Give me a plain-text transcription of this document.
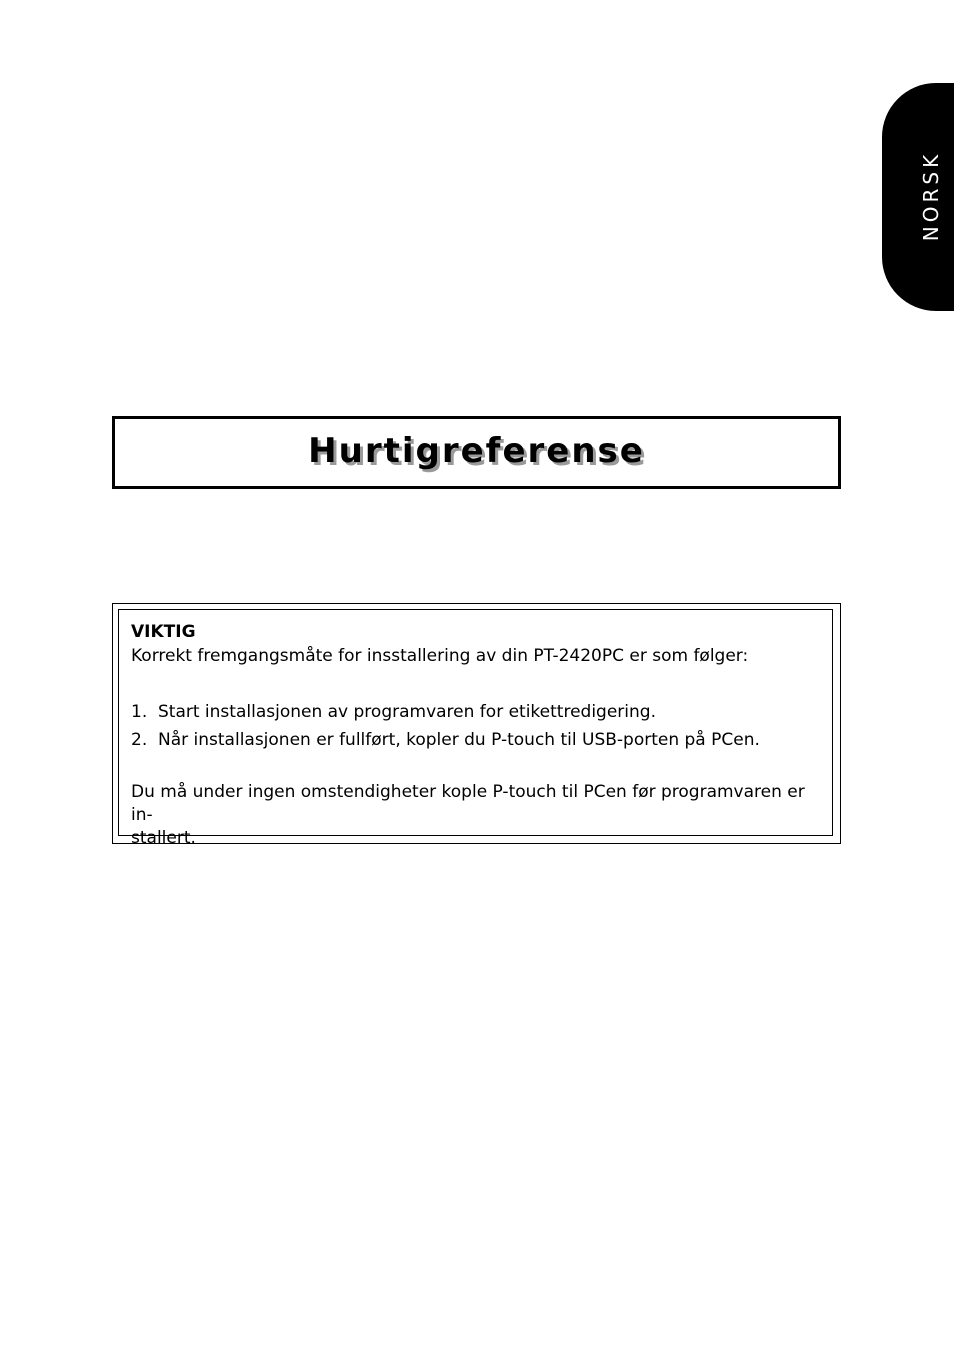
NORSK
Hurtigreferense
VIKTIG
Korrekt fremgangsmåte for insstallering av din PT-2420PC er som følger:
1. Start installasjonen av programvaren for etikettredigering.
2. Når installasjonen er fullført, kopler du P-touch til USB-porten på PCen.
Du må under ingen omstendigheter kople P-touch til PCen før programvaren er in-
stallert.
